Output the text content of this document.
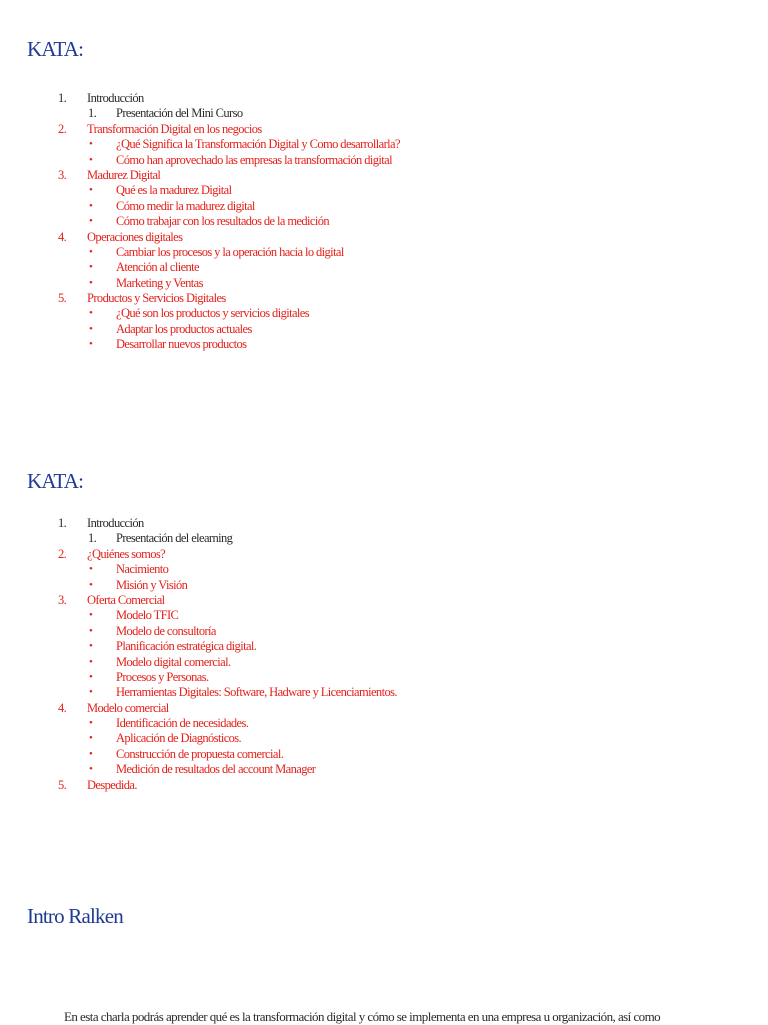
KATA:
1. Introducción
1. Presentación del Mini Curso
2. Transformación Digital en los negocios
• ¿Qué Significa la Transformación Digital y Como desarrollarla?
• Cómo han aprovechado las empresas la transformación digital
3. Madurez Digital
• Qué es la madurez Digital
• Cómo medir la madurez digital
• Cómo trabajar con los resultados de la medición
4. Operaciones digitales
• Cambiar los procesos y la operación hacia lo digital
• Atención al cliente
• Marketing y Ventas
5. Productos y Servicios Digitales
• ¿Qué son los productos y servicios digitales
• Adaptar los productos actuales
• Desarrollar nuevos productos
KATA:
1. Introducción
1. Presentación del elearning
2. ¿Quiénes somos?
• Nacimiento
• Misión y Visión
3. Oferta Comercial
• Modelo TFIC
• Modelo de consultoría
• Planificación estratégica digital.
• Modelo digital comercial.
• Procesos y Personas.
• Herramientas Digitales: Software, Hadware y Licenciamientos.
4. Modelo comercial
• Identificación de necesidades.
• Aplicación de Diagnósticos.
• Construcción de propuesta comercial.
• Medición de resultados del account Manager
5. Despedida.
Intro Ralken

En esta charla podrás aprender qué es la transformación digital y cómo se implementa en una empresa u organización, así como
